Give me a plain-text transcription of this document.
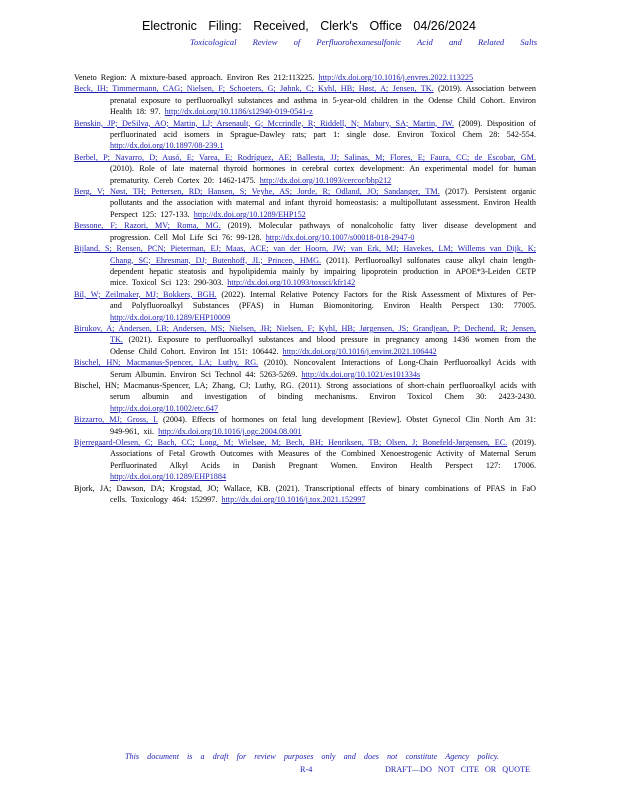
Electronic Filing: Received, Clerk's Office 04/26/2024
Toxicological Review of Perfluorohexanesulfonic Acid and Related Salts

Veneto Region: A mixture-based approach. Environ Res 212:113225. http://dx.doi.org/10.1016/j.envres.2022.113225

Beck, IH; Timmermann, CAG; Nielsen, F; Schoeters, G; Jøhnk, C; Kyhl, HB; Høst, A; Jensen, TK. (2019). Association between prenatal exposure to perfluoroalkyl substances and asthma in 5-year-old children in the Odense Child Cohort. Environ Health 18: 97. http://dx.doi.org/10.1186/s12940-019-0541-z

Benskin, JP; DeSilva, AO; Martin, LJ; Arsenault, G; Mccrindle, R; Riddell, N; Mabury, SA; Martin, JW. (2009). Disposition of perfluorinated acid isomers in Sprague-Dawley rats; part 1: single dose. Environ Toxicol Chem 28: 542-554. http://dx.doi.org/10.1897/08-239.1

Berbel, P; Navarro, D; Ausó, E; Varea, E; Rodríguez, AE; Ballesta, JJ; Salinas, M; Flores, E; Faura, CC; de Escobar, GM. (2010). Role of late maternal thyroid hormones in cerebral cortex development: An experimental model for human prematurity. Cereb Cortex 20: 1462-1475. http://dx.doi.org/10.1093/cercor/bhp212

Berg, V; Nøst, TH; Pettersen, RD; Hansen, S; Veyhe, AS; Jorde, R; Odland, JO; Sandanger, TM. (2017). Persistent organic pollutants and the association with maternal and infant thyroid homeostasis: a multipollutant assessment. Environ Health Perspect 125: 127-133. http://dx.doi.org/10.1289/EHP152

Bessone, F; Razori, MV; Roma, MG. (2019). Molecular pathways of nonalcoholic fatty liver disease development and progression. Cell Mol Life Sci 76: 99-128. http://dx.doi.org/10.1007/s00018-018-2947-0

Bijland, S; Rensen, PCN; Pieterman, EJ; Maas, ACE; van der Hoorn, JW; van Erk, MJ; Havekes, LM; Willems van Dijk, K; Chang, SC; Ehresman, DJ; Butenhoff, JL; Princen, HMG. (2011). Perfluoroalkyl sulfonates cause alkyl chain length-dependent hepatic steatosis and hypolipidemia mainly by impairing lipoprotein production in APOE*3-Leiden CETP mice. Toxicol Sci 123: 290-303. http://dx.doi.org/10.1093/toxsci/kfr142

Bil, W; Zeilmaker, MJ; Bokkers, BGH. (2022). Internal Relative Potency Factors for the Risk Assessment of Mixtures of Per- and Polyfluoroalkyl Substances (PFAS) in Human Biomonitoring. Environ Health Perspect 130: 77005. http://dx.doi.org/10.1289/EHP10009

Birukov, A; Andersen, LB; Andersen, MS; Nielsen, JH; Nielsen, F; Kyhl, HB; Jørgensen, JS; Grandjean, P; Dechend, R; Jensen, TK. (2021). Exposure to perfluoroalkyl substances and blood pressure in pregnancy among 1436 women from the Odense Child Cohort. Environ Int 151: 106442. http://dx.doi.org/10.1016/j.envint.2021.106442

Bischel, HN; Macmanus-Spencer, LA; Luthy, RG. (2010). Noncovalent Interactions of Long-Chain Perfluoroalkyl Acids with Serum Albumin. Environ Sci Technol 44: 5263-5269. http://dx.doi.org/10.1021/es101334s

Bischel, HN; Macmanus-Spencer, LA; Zhang, CJ; Luthy, RG. (2011). Strong associations of short-chain perfluoroalkyl acids with serum albumin and investigation of binding mechanisms. Environ Toxicol Chem 30: 2423-2430. http://dx.doi.org/10.1002/etc.647

Bizzarro, MJ; Gross, I. (2004). Effects of hormones on fetal lung development [Review]. Obstet Gynecol Clin North Am 31: 949-961, xii. http://dx.doi.org/10.1016/j.ogc.2004.08.001

Bjerregaard-Olesen, C; Bach, CC; Long, M; Wielsøe, M; Bech, BH; Henriksen, TB; Olsen, J; Bonefeld-Jørgensen, EC. (2019). Associations of Fetal Growth Outcomes with Measures of the Combined Xenoestrogenic Activity of Maternal Serum Perfluorinated Alkyl Acids in Danish Pregnant Women. Environ Health Perspect 127: 17006. http://dx.doi.org/10.1289/EHP1884

Bjork, JA; Dawson, DA; Krogstad, JO; Wallace, KB. (2021). Transcriptional effects of binary combinations of PFAS in FaO cells. Toxicology 464: 152997. http://dx.doi.org/10.1016/j.tox.2021.152997

This document is a draft for review purposes only and does not constitute Agency policy.
R-4	DRAFT—DO NOT CITE OR QUOTE
